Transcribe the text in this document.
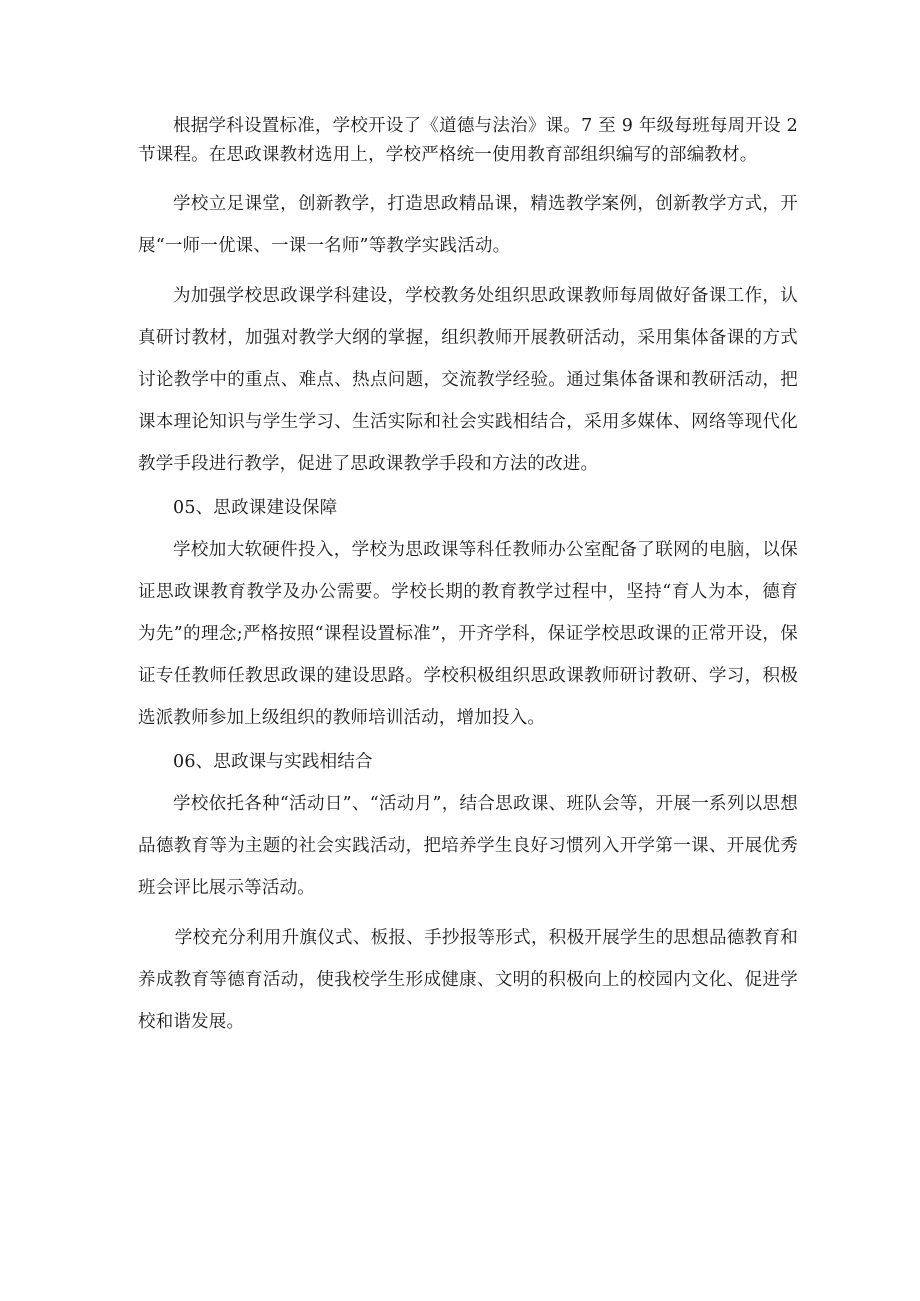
根据学科设置标准，学校开设了《道德与法治》课。7 至 9 年级每班每周开设 2 节课程。在思政课教材选用上，学校严格统一使用教育部组织编写的部编教材。

学校立足课堂，创新教学，打造思政精品课，精选教学案例，创新教学方式，开展“一师一优课、一课一名师”等教学实践活动。

为加强学校思政课学科建设，学校教务处组织思政课教师每周做好备课工作，认真研讨教材，加强对教学大纲的掌握，组织教师开展教研活动，采用集体备课的方式讨论教学中的重点、难点、热点问题，交流教学经验。通过集体备课和教研活动，把课本理论知识与学生学习、生活实际和社会实践相结合，采用多媒体、网络等现代化教学手段进行教学，促进了思政课教学手段和方法的改进。

05、思政课建设保障

学校加大软硬件投入，学校为思政课等科任教师办公室配备了联网的电脑，以保证思政课教育教学及办公需要。学校长期的教育教学过程中，坚持“育人为本，德育为先”的理念;严格按照“课程设置标准”，开齐学科，保证学校思政课的正常开设，保证专任教师任教思政课的建设思路。学校积极组织思政课教师研讨教研、学习，积极选派教师参加上级组织的教师培训活动，增加投入。

06、思政课与实践相结合

学校依托各种“活动日”、“活动月”，结合思政课、班队会等，开展一系列以思想品德教育等为主题的社会实践活动，把培养学生良好习惯列入开学第一课、开展优秀班会评比展示等活动。

学校充分利用升旗仪式、板报、手抄报等形式，积极开展学生的思想品德教育和养成教育等德育活动，使我校学生形成健康、文明的积极向上的校园内文化、促进学校和谐发展。
